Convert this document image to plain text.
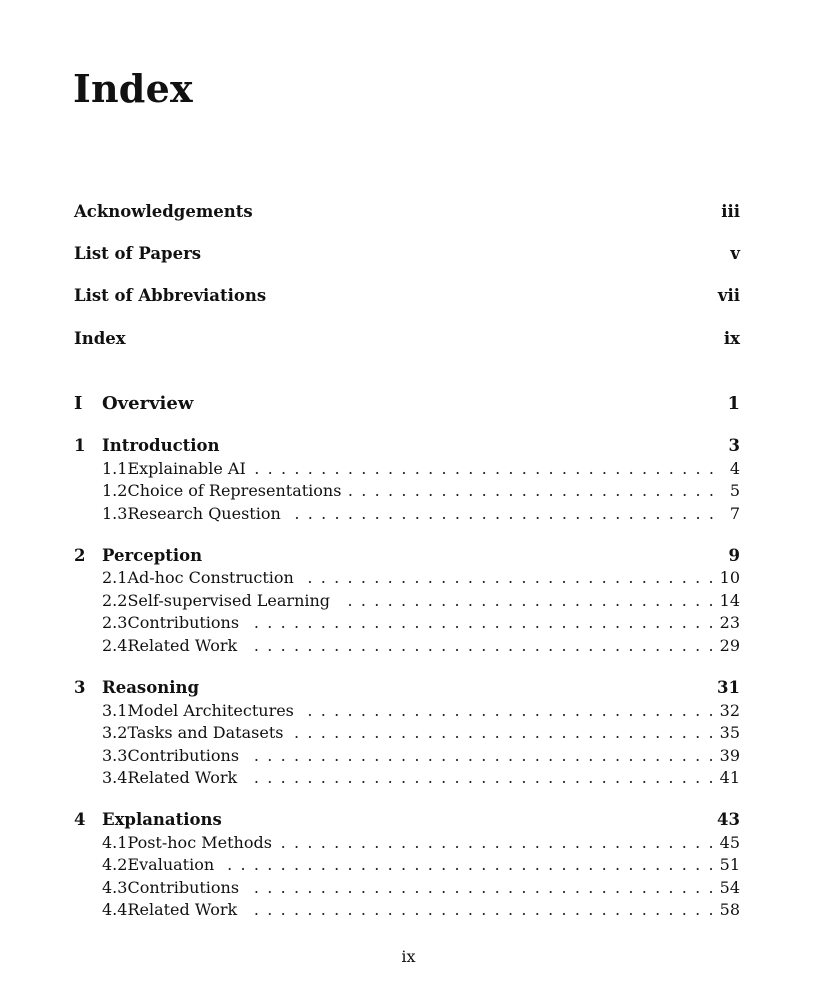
Index
Acknowledgements	iii
List of Papers	v
List of Abbreviations	vii
Index	ix
I	Overview	1
1	Introduction	3
1.1 Explainable AI . . .	4
1.2 Choice of Representations . . .	5
1.3 Research Question . . .	7
2	Perception	9
2.1 Ad-hoc Construction . . .	10
2.2 Self-supervised Learning . . .	14
2.3 Contributions . . .	23
2.4 Related Work . . .	29
3	Reasoning	31
3.1 Model Architectures . . .	32
3.2 Tasks and Datasets . . .	35
3.3 Contributions . . .	39
3.4 Related Work . . .	41
4	Explanations	43
4.1 Post-hoc Methods . . .	45
4.2 Evaluation . . .	51
4.3 Contributions . . .	54
4.4 Related Work . . .	58
ix
